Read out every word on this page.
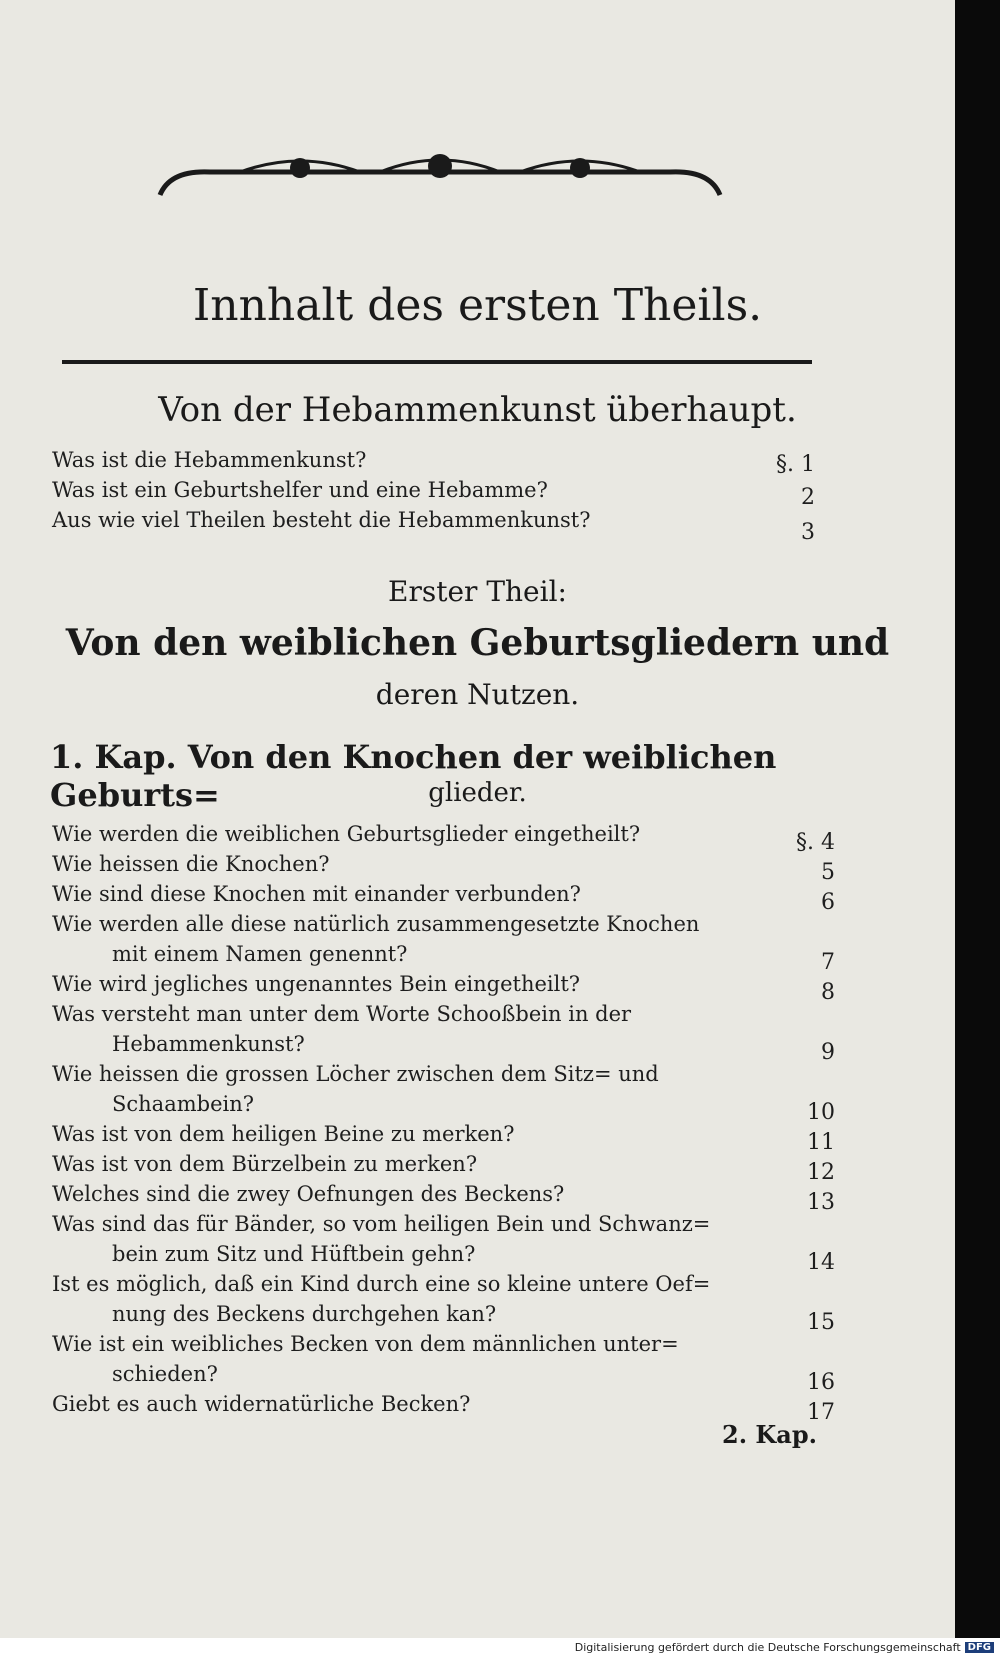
Innhalt des ersten Theils.
Von der Hebammenkunst überhaupt.
Was ist die Hebammenkunst?	§. 1
Was ist ein Geburtshelfer und eine Hebamme?	2
Aus wie viel Theilen besteht die Hebammenkunst?	3
Erster Theil:
Von den weiblichen Geburtsgliedern und
deren Nutzen.
1. Kap. Von den Knochen der weiblichen Geburts=	glieder.
Wie werden die weiblichen Geburtsglieder eingetheilt?	§. 4
Wie heissen die Knochen?	5
Wie sind diese Knochen mit einander verbunden?	6
Wie werden alle diese natürlich zusammengesetzte Knochen
mit einem Namen genennt?	7
Wie wird jegliches ungenanntes Bein eingetheilt?	8
Was versteht man unter dem Worte Schooßbein in der
Hebammenkunst?	9
Wie heissen die grossen Löcher zwischen dem Sitz= und
Schaambein?	10
Was ist von dem heiligen Beine zu merken?	11
Was ist von dem Bürzelbein zu merken?	12
Welches sind die zwey Oefnungen des Beckens?	13
Was sind das für Bänder, so vom heiligen Bein und Schwanz=
bein zum Sitz und Hüftbein gehn?	14
Ist es möglich, daß ein Kind durch eine so kleine untere Oef=
nung des Beckens durchgehen kan?	15
Wie ist ein weibliches Becken von dem männlichen unter=
schieden?	16
Giebt es auch widernatürliche Becken?	17
2. Kap.
Digitalisierung gefördert durch die Deutsche Forschungsgemeinschaft DFG
